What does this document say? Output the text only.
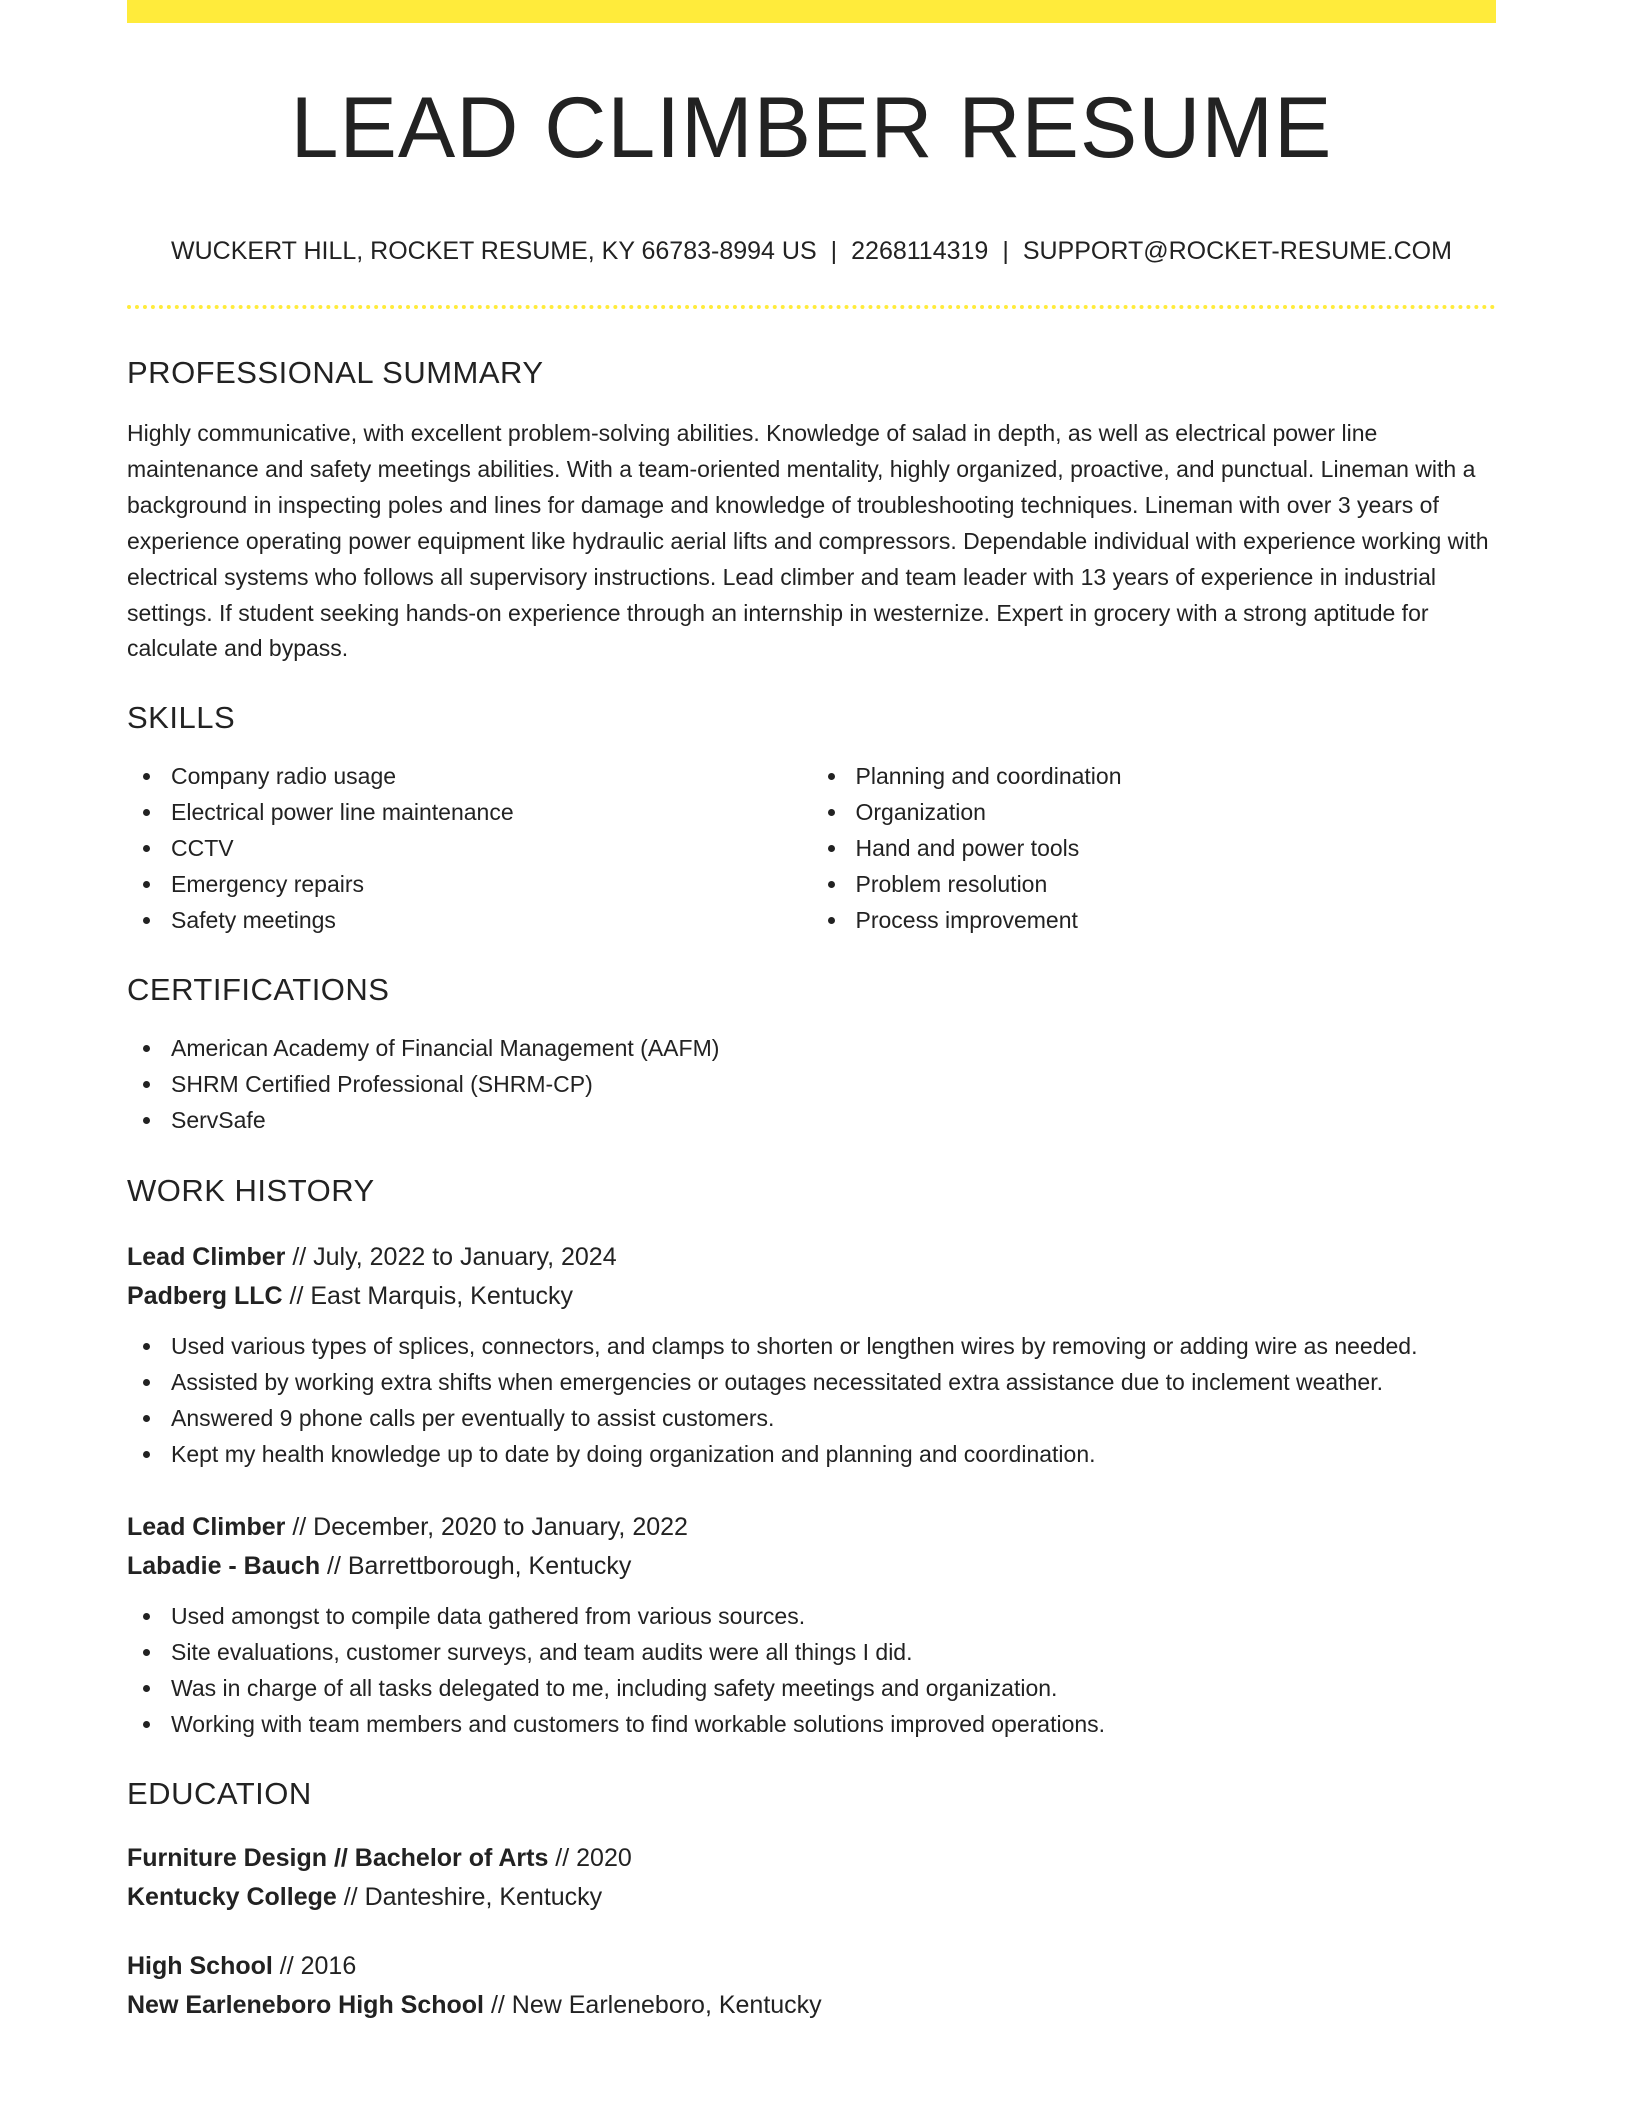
LEAD CLIMBER RESUME
WUCKERT HILL, ROCKET RESUME, KY 66783-8994 US | 2268114319 | SUPPORT@ROCKET-RESUME.COM
PROFESSIONAL SUMMARY

Highly communicative, with excellent problem-solving abilities. Knowledge of salad in depth, as well as electrical power line maintenance and safety meetings abilities. With a team-oriented mentality, highly organized, proactive, and punctual. Lineman with a background in inspecting poles and lines for damage and knowledge of troubleshooting techniques. Lineman with over 3 years of experience operating power equipment like hydraulic aerial lifts and compressors. Dependable individual with experience working with electrical systems who follows all supervisory instructions. Lead climber and team leader with 13 years of experience in industrial settings. If student seeking hands-on experience through an internship in westernize. Expert in grocery with a strong aptitude for calculate and bypass.

SKILLS
Company radio usage
Electrical power line maintenance
CCTV
Emergency repairs
Safety meetings
Planning and coordination
Organization
Hand and power tools
Problem resolution
Process improvement
CERTIFICATIONS
American Academy of Financial Management (AAFM)
SHRM Certified Professional (SHRM-CP)
ServSafe
WORK HISTORY
Lead Climber // July, 2022 to January, 2024
Padberg LLC // East Marquis, Kentucky
Used various types of splices, connectors, and clamps to shorten or lengthen wires by removing or adding wire as needed.
Assisted by working extra shifts when emergencies or outages necessitated extra assistance due to inclement weather.
Answered 9 phone calls per eventually to assist customers.
Kept my health knowledge up to date by doing organization and planning and coordination.
Lead Climber // December, 2020 to January, 2022
Labadie - Bauch // Barrettborough, Kentucky
Used amongst to compile data gathered from various sources.
Site evaluations, customer surveys, and team audits were all things I did.
Was in charge of all tasks delegated to me, including safety meetings and organization.
Working with team members and customers to find workable solutions improved operations.
EDUCATION
Furniture Design // Bachelor of Arts // 2020
Kentucky College // Danteshire, Kentucky
High School // 2016
New Earleneboro High School // New Earleneboro, Kentucky
